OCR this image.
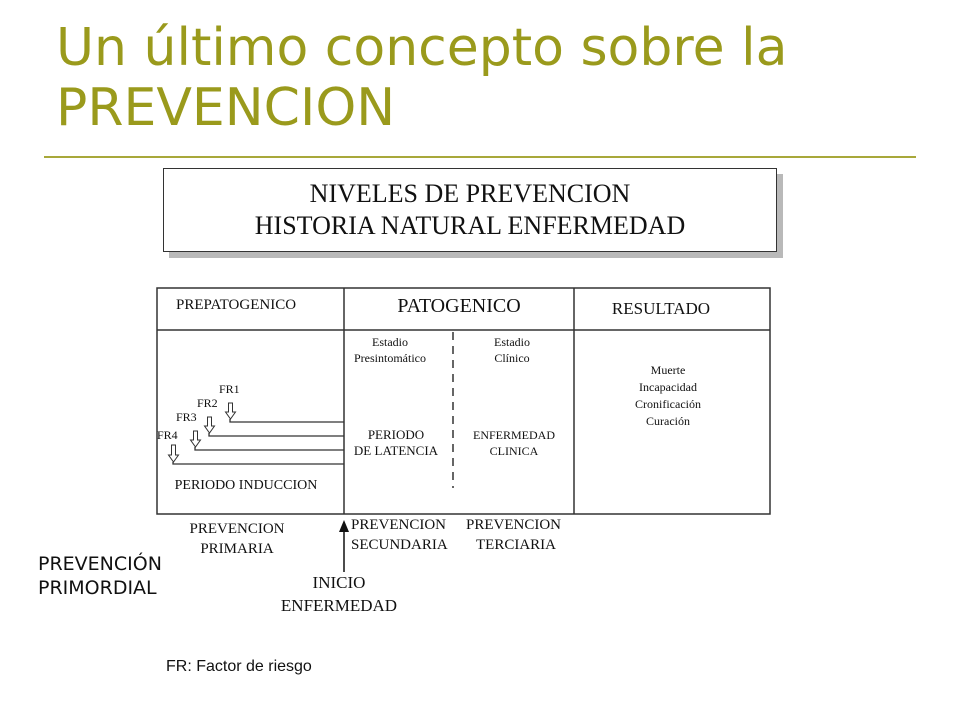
Un último concepto sobre la
PREVENCION
NIVELES DE PREVENCION
HISTORIA NATURAL ENFERMEDAD
PREPATOGENICO	PATOGENICO	RESULTADO
Estadio
Presintomático
Estadio
Clínico
FR1
FR2
FR3
FR4
PERIODO INDUCCION
PERIODO
DE LATENCIA
ENFERMEDAD
CLINICA
Muerte
Incapacidad
Cronificación
Curación
PREVENCION
PRIMARIA
PREVENCION
SECUNDARIA
PREVENCION
TERCIARIA
INICIO
ENFERMEDAD
PREVENCIÓN
PRIMORDIAL
FR: Factor de riesgo
